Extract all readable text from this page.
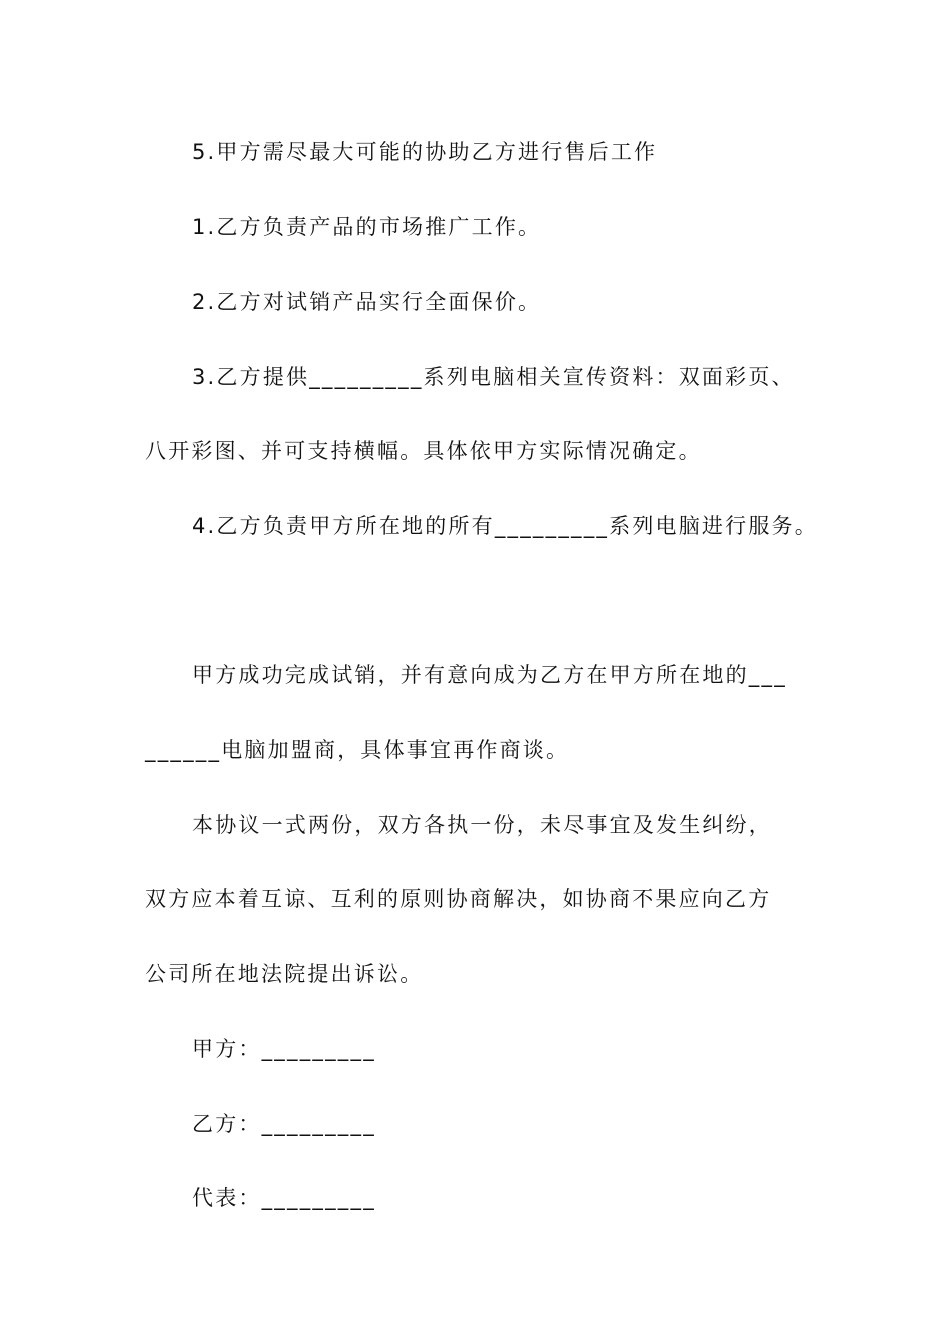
5.甲方需尽最大可能的协助乙方进行售后工作
1.乙方负责产品的市场推广工作。
2.乙方对试销产品实行全面保价。
3.乙方提供_________系列电脑相关宣传资料：双面彩页、
八开彩图、并可支持横幅。具体依甲方实际情况确定。
4.乙方负责甲方所在地的所有_________系列电脑进行服务。
甲方成功完成试销，并有意向成为乙方在甲方所在地的___
______电脑加盟商，具体事宜再作商谈。
本协议一式两份，双方各执一份，未尽事宜及发生纠纷，
双方应本着互谅、互利的原则协商解决，如协商不果应向乙方
公司所在地法院提出诉讼。
甲方：_________
乙方：_________
代表：_________
